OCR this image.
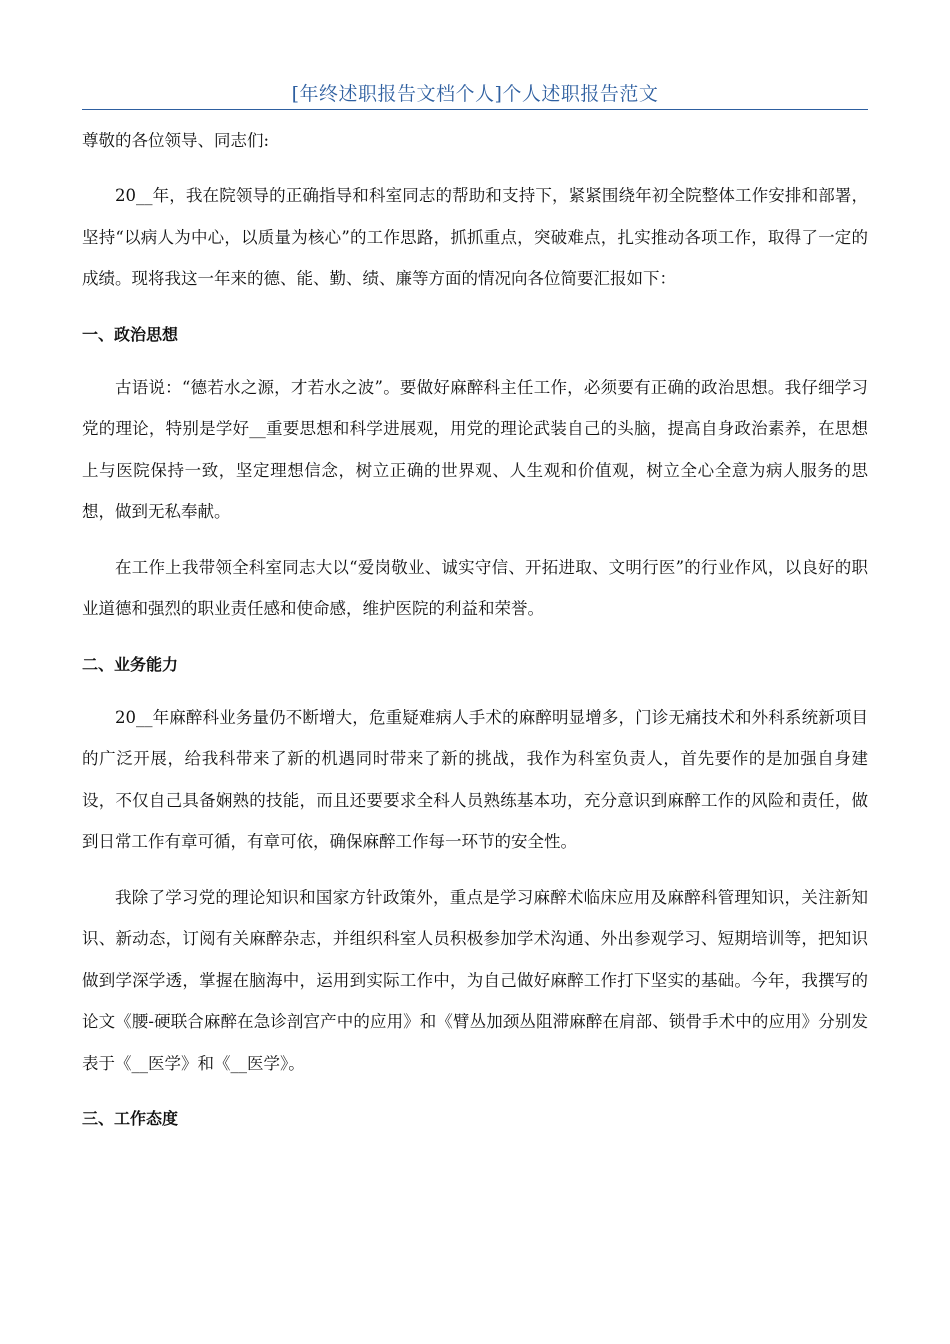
[年终述职报告文档个人]个人述职报告范文

尊敬的各位领导、同志们:

20__年，我在院领导的正确指导和科室同志的帮助和支持下，紧紧围绕年初全院整体工作安排和部署，坚持“以病人为中心，以质量为核心”的工作思路，抓抓重点，突破难点，扎实推动各项工作，取得了一定的成绩。现将我这一年来的德、能、勤、绩、廉等方面的情况向各位简要汇报如下：

一、政治思想

古语说：“德若水之源，才若水之波”。要做好麻醉科主任工作，必须要有正确的政治思想。我仔细学习党的理论，特别是学好__重要思想和科学进展观，用党的理论武装自己的头脑，提高自身政治素养，在思想上与医院保持一致，坚定理想信念，树立正确的世界观、人生观和价值观，树立全心全意为病人服务的思想，做到无私奉献。

在工作上我带领全科室同志大以“爱岗敬业、诚实守信、开拓进取、文明行医”的行业作风，以良好的职业道德和强烈的职业责任感和使命感，维护医院的利益和荣誉。

二、业务能力

20__年麻醉科业务量仍不断增大，危重疑难病人手术的麻醉明显增多，门诊无痛技术和外科系统新项目的广泛开展，给我科带来了新的机遇同时带来了新的挑战，我作为科室负责人，首先要作的是加强自身建设，不仅自己具备娴熟的技能，而且还要要求全科人员熟练基本功，充分意识到麻醉工作的风险和责任，做到日常工作有章可循，有章可依，确保麻醉工作每一环节的安全性。

我除了学习党的理论知识和国家方针政策外，重点是学习麻醉术临床应用及麻醉科管理知识，关注新知识、新动态，订阅有关麻醉杂志，并组织科室人员积极参加学术沟通、外出参观学习、短期培训等，把知识做到学深学透，掌握在脑海中，运用到实际工作中，为自己做好麻醉工作打下坚实的基础。今年，我撰写的论文《腰-硬联合麻醉在急诊剖宫产中的应用》和《臂丛加颈丛阻滞麻醉在肩部、锁骨手术中的应用》分别发表于《__医学》和《__医学》。

三、工作态度
